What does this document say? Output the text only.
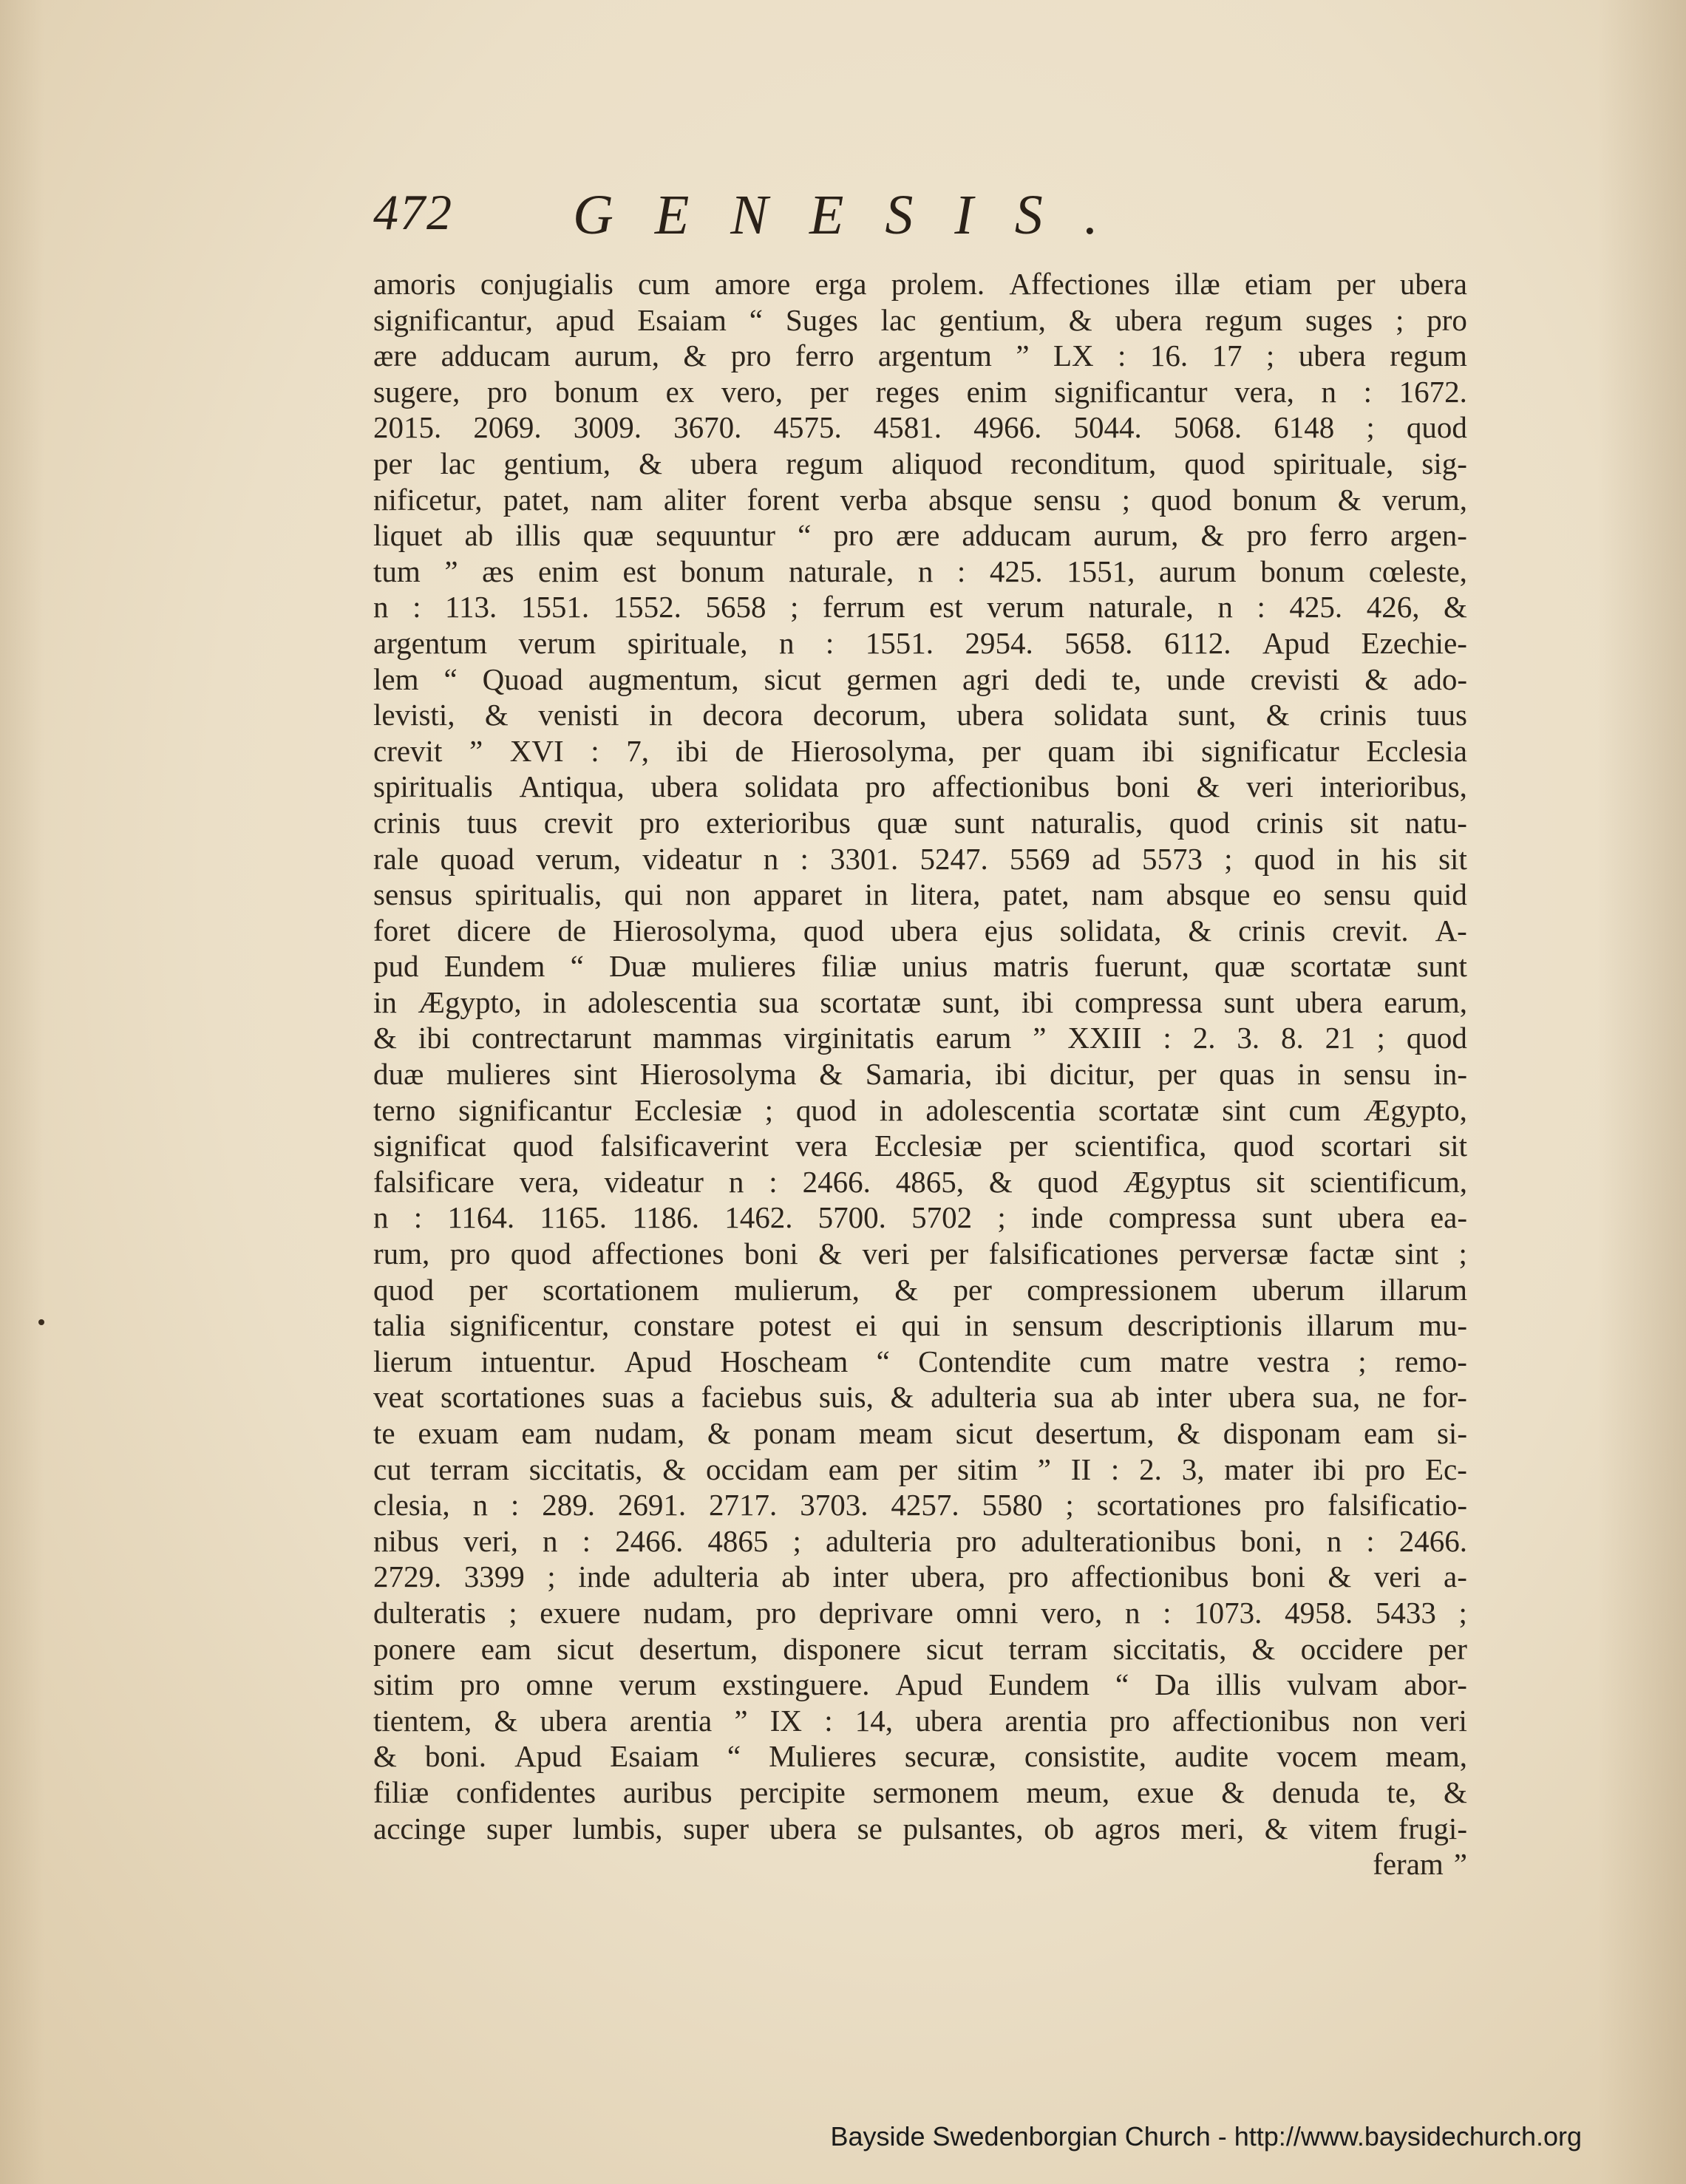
472 GENESIS.
amoris conjugialis cum amore erga prolem. Affectiones illæ etiam per ubera
significantur, apud Esaiam “ Suges lac gentium, & ubera regum suges ; pro
ære adducam aurum, & pro ferro argentum ” LX : 16. 17 ; ubera regum
sugere, pro bonum ex vero, per reges enim significantur vera, n : 1672.
2015. 2069. 3009. 3670. 4575. 4581. 4966. 5044. 5068. 6148 ; quod
per lac gentium, & ubera regum aliquod reconditum, quod spirituale, sig-
nificetur, patet, nam aliter forent verba absque sensu ; quod bonum & verum,
liquet ab illis quæ sequuntur “ pro ære adducam aurum, & pro ferro argen-
tum ” æs enim est bonum naturale, n : 425. 1551, aurum bonum cœleste,
n : 113. 1551. 1552. 5658 ; ferrum est verum naturale, n : 425. 426, &
argentum verum spirituale, n : 1551. 2954. 5658. 6112. Apud Ezechie-
lem “ Quoad augmentum, sicut germen agri dedi te, unde crevisti & ado-
levisti, & venisti in decora decorum, ubera solidata sunt, & crinis tuus
crevit ” XVI : 7, ibi de Hierosolyma, per quam ibi significatur Ecclesia
spiritualis Antiqua, ubera solidata pro affectionibus boni & veri interioribus,
crinis tuus crevit pro exterioribus quæ sunt naturalis, quod crinis sit natu-
rale quoad verum, videatur n : 3301. 5247. 5569 ad 5573 ; quod in his sit
sensus spiritualis, qui non apparet in litera, patet, nam absque eo sensu quid
foret dicere de Hierosolyma, quod ubera ejus solidata, & crinis crevit. A-
pud Eundem “ Duæ mulieres filiæ unius matris fuerunt, quæ scortatæ sunt
in Ægypto, in adolescentia sua scortatæ sunt, ibi compressa sunt ubera earum,
& ibi contrectarunt mammas virginitatis earum ” XXIII : 2. 3. 8. 21 ; quod
duæ mulieres sint Hierosolyma & Samaria, ibi dicitur, per quas in sensu in-
terno significantur Ecclesiæ ; quod in adolescentia scortatæ sint cum Ægypto,
significat quod falsificaverint vera Ecclesiæ per scientifica, quod scortari sit
falsificare vera, videatur n : 2466. 4865, & quod Ægyptus sit scientificum,
n : 1164. 1165. 1186. 1462. 5700. 5702 ; inde compressa sunt ubera ea-
rum, pro quod affectiones boni & veri per falsificationes perversæ factæ sint ;
quod per scortationem mulierum, & per compressionem uberum illarum
talia significentur, constare potest ei qui in sensum descriptionis illarum mu-
lierum intuentur. Apud Hoscheam “ Contendite cum matre vestra ; remo-
veat scortationes suas a faciebus suis, & adulteria sua ab inter ubera sua, ne for-
te exuam eam nudam, & ponam meam sicut desertum, & disponam eam si-
cut terram siccitatis, & occidam eam per sitim ” II : 2. 3, mater ibi pro Ec-
clesia, n : 289. 2691. 2717. 3703. 4257. 5580 ; scortationes pro falsificatio-
nibus veri, n : 2466. 4865 ; adulteria pro adulterationibus boni, n : 2466.
2729. 3399 ; inde adulteria ab inter ubera, pro affectionibus boni & veri a-
dulteratis ; exuere nudam, pro deprivare omni vero, n : 1073. 4958. 5433 ;
ponere eam sicut desertum, disponere sicut terram siccitatis, & occidere per
sitim pro omne verum exstinguere. Apud Eundem “ Da illis vulvam abor-
tientem, & ubera arentia ” IX : 14, ubera arentia pro affectionibus non veri
& boni. Apud Esaiam “ Mulieres securæ, consistite, audite vocem meam,
filiæ confidentes auribus percipite sermonem meum, exue & denuda te, &
accinge super lumbis, super ubera se pulsantes, ob agros meri, & vitem frugi-
feram ”
Bayside Swedenborgian Church - http://www.baysidechurch.org
